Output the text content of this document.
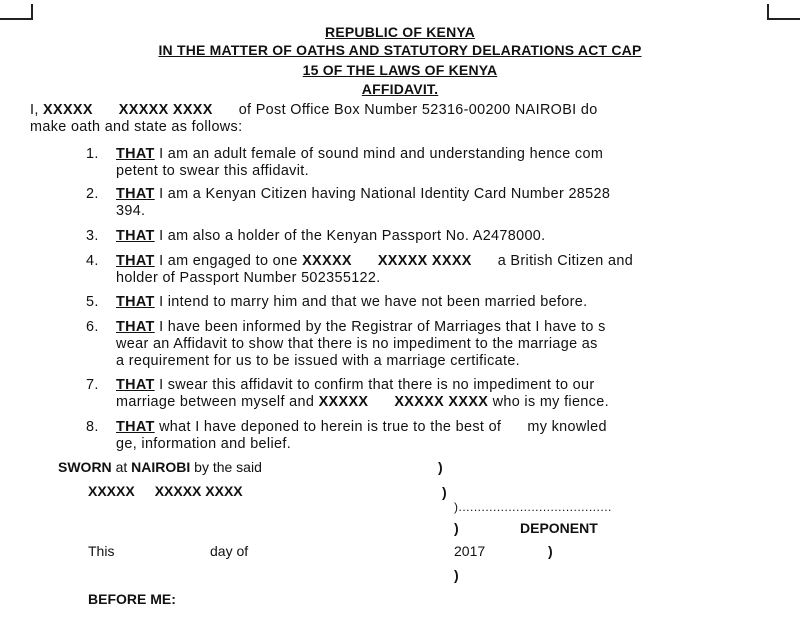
REPUBLIC OF KENYA
IN THE MATTER OF OATHS AND STATUTORY DELARATIONS ACT CAP
15 OF THE LAWS OF KENYA
AFFIDAVIT.
I, XXXXX XXXXX XXXX of Post Office Box Number 52316-00200 NAIROBI do
make oath and state as follows:
1. THAT I am an adult female of sound mind and understanding hence com
petent to swear this affidavit.
2. THAT I am a Kenyan Citizen having National Identity Card Number 28528
394.
3. THAT I am also a holder of the Kenyan Passport No. A2478000.
4. THAT I am engaged to one XXXXX XXXXX XXXX a British Citizen and
holder of Passport Number 502355122.
5. THAT I intend to marry him and that we have not been married before.
6. THAT I have been informed by the Registrar of Marriages that I have to s
wear an Affidavit to show that there is no impediment to the marriage as
a requirement for us to be issued with a marriage certificate.
7. THAT I swear this affidavit to confirm that there is no impediment to our
marriage between myself and XXXXX XXXXX XXXX who is my fience.
8. THAT what I have deponed to herein is true to the best of      my knowled
ge, information and belief.
SWORN at NAIROBI by the said	)
XXXXX XXXXX XXXX	)
)........................................
)	DEPONENT
This	day of	2017	)
)
BEFORE ME:
